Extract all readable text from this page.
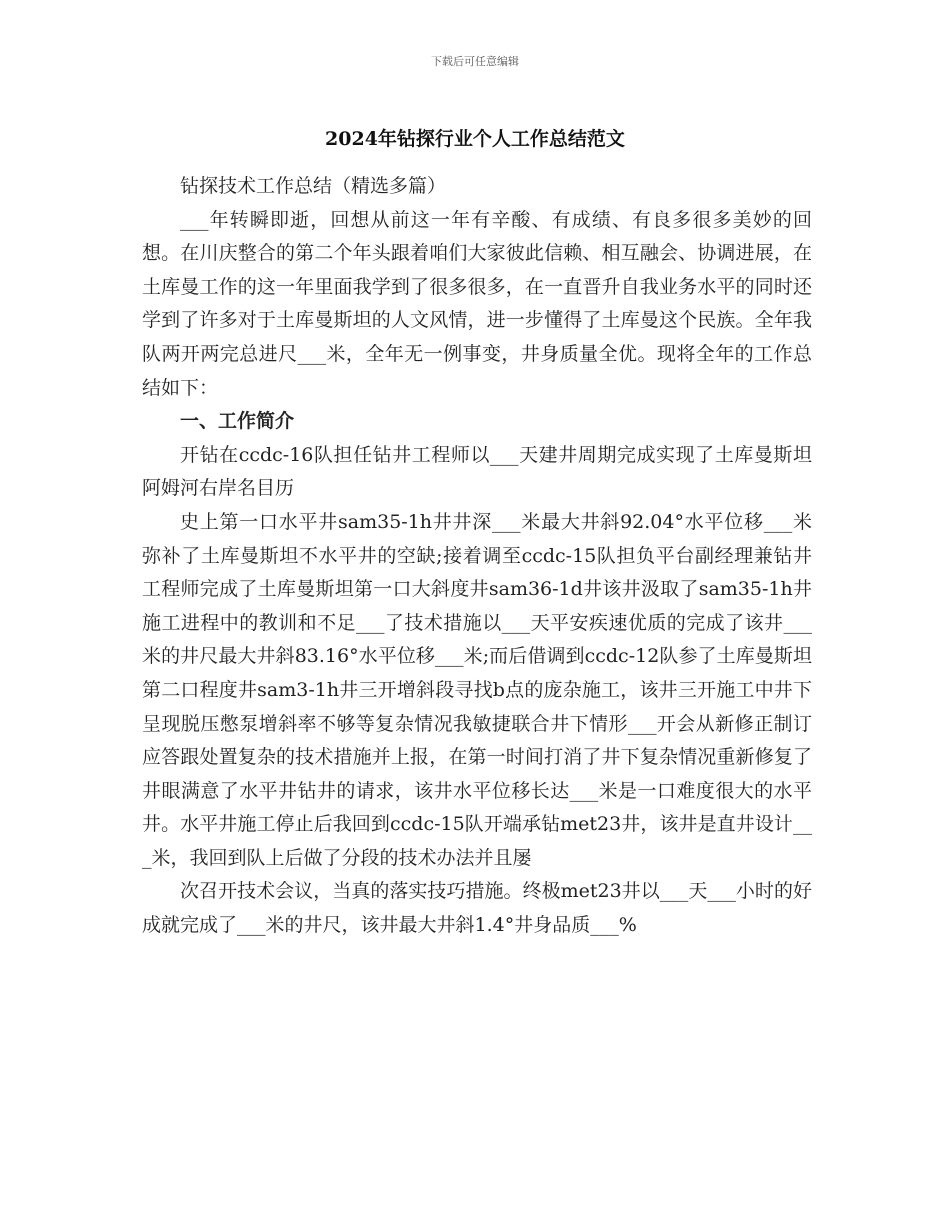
下载后可任意编辑
2024年钻探行业个人工作总结范文

钻探技术工作总结（精选多篇）

___年转瞬即逝，回想从前这一年有辛酸、有成绩、有良多很多美妙的回想。在川庆整合的第二个年头跟着咱们大家彼此信赖、相互融会、协调进展，在土库曼工作的这一年里面我学到了很多很多，在一直晋升自我业务水平的同时还学到了许多对于土库曼斯坦的人文风情，进一步懂得了土库曼这个民族。全年我队两开两完总进尺___米，全年无一例事变，井身质量全优。现将全年的工作总结如下：

一、工作简介

开钻在ccdc-16队担任钻井工程师以___天建井周期完成实现了土库曼斯坦阿姆河右岸名目历

史上第一口水平井sam35-1h井井深___米最大井斜92.04°水平位移___米弥补了土库曼斯坦不水平井的空缺;接着调至ccdc-15队担负平台副经理兼钻井工程师完成了土库曼斯坦第一口大斜度井sam36-1d井该井汲取了sam35-1h井施工进程中的教训和不足___了技术措施以___天平安疾速优质的完成了该井___米的井尺最大井斜83.16°水平位移___米;而后借调到ccdc-12队参了土库曼斯坦第二口程度井sam3-1h井三开增斜段寻找b点的庞杂施工，该井三开施工中井下呈现脱压憋泵增斜率不够等复杂情况我敏捷联合井下情形___开会从新修正制订应答跟处置复杂的技术措施并上报，在第一时间打消了井下复杂情况重新修复了井眼满意了水平井钻井的请求，该井水平位移长达___米是一口难度很大的水平井。水平井施工停止后我回到ccdc-15队开端承钻met23井，该井是直井设计___米，我回到队上后做了分段的技术办法并且屡

次召开技术会议，当真的落实技巧措施。终极met23井以___天___小时的好成就完成了___米的井尺，该井最大井斜1.4°井身品质___%
